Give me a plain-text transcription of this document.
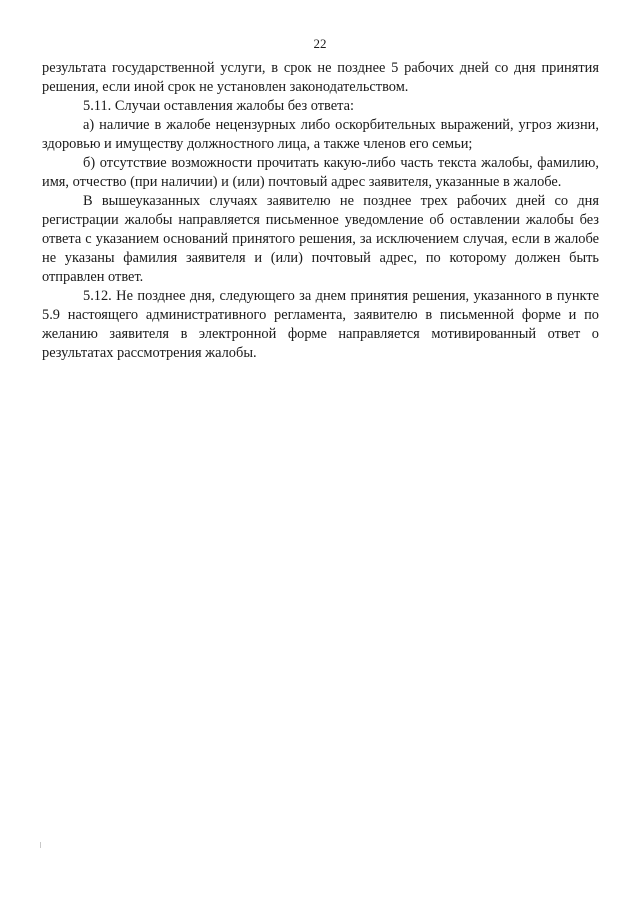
22

результата государственной услуги, в срок не позднее 5 рабочих дней со дня принятия решения, если иной срок не установлен законодательством.

5.11. Случаи оставления жалобы без ответа:

а) наличие в жалобе нецензурных либо оскорбительных выражений, угроз жизни, здоровью и имуществу должностного лица, а также членов его семьи;

б) отсутствие возможности прочитать какую-либо часть текста жалобы, фамилию, имя, отчество (при наличии) и (или) почтовый адрес заявителя, указанные в жалобе.

В вышеуказанных случаях заявителю не позднее трех рабочих дней со дня регистрации жалобы направляется письменное уведомление об оставлении жалобы без ответа с указанием оснований принятого решения, за исключением случая, если в жалобе не указаны фамилия заявителя и (или) почтовый адрес, по которому должен быть отправлен ответ.

5.12. Не позднее дня, следующего за днем принятия решения, указанного в пункте 5.9 настоящего административного регламента, заявителю в письменной форме и по желанию заявителя в электронной форме направляется мотивированный ответ о результатах рассмотрения жалобы.
